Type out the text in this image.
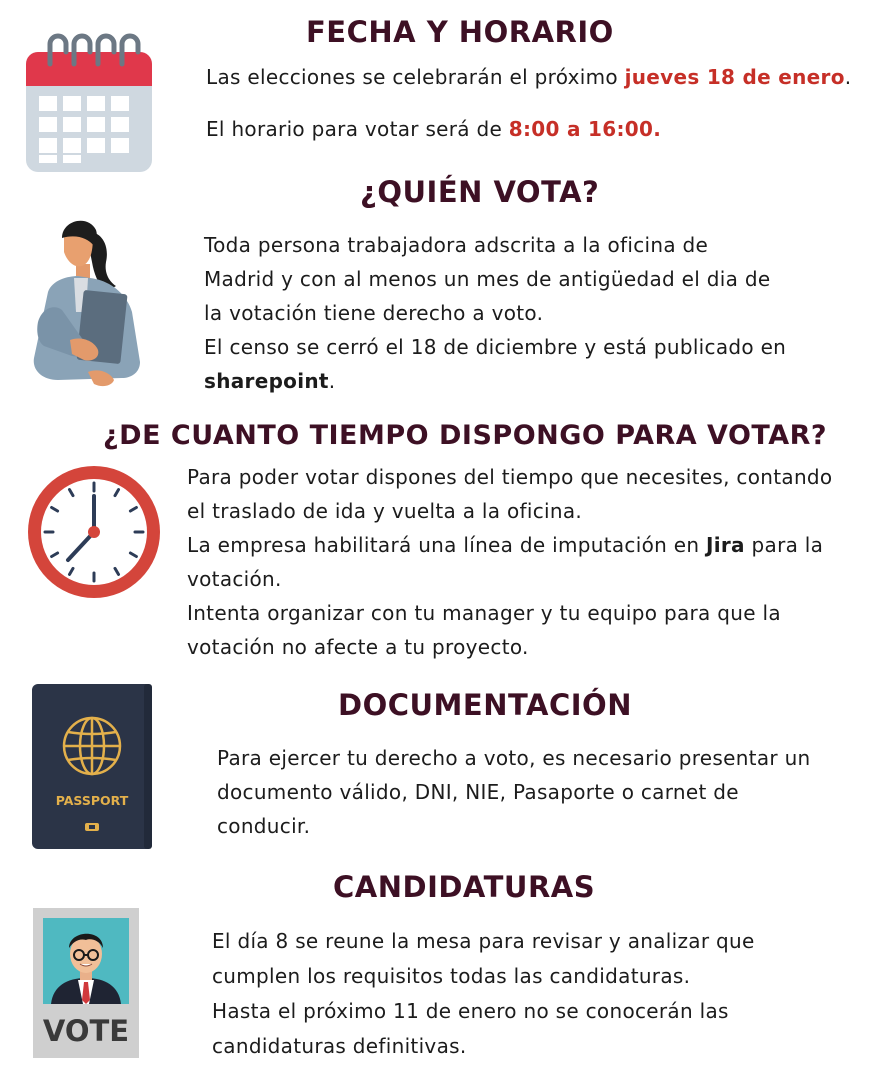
FECHA Y HORARIO
Las elecciones se celebrarán el próximo jueves 18 de enero.
El horario para votar será de 8:00 a 16:00.
¿QUIÉN VOTA?
Toda persona trabajadora adscrita a la oficina de
Madrid y con al menos un mes de antigüedad el dia de
la votación tiene derecho a voto.
El censo se cerró el 18 de diciembre y está publicado en
sharepoint.
¿DE CUANTO TIEMPO DISPONGO PARA VOTAR?
Para poder votar dispones del tiempo que necesites, contando
el traslado de ida y vuelta a la oficina.
La empresa habilitará una línea de imputación en Jira para la
votación.
Intenta organizar con tu manager y tu equipo para que la
votación no afecte a tu proyecto.
PASSPORT
DOCUMENTACIÓN
Para ejercer tu derecho a voto, es necesario presentar un
documento válido, DNI, NIE, Pasaporte o carnet de
conducir.
CANDIDATURAS
VOTE
El día 8 se reune la mesa para revisar y analizar que
cumplen los requisitos todas las candidaturas.
Hasta el próximo 11 de enero no se conocerán las
candidaturas definitivas.
